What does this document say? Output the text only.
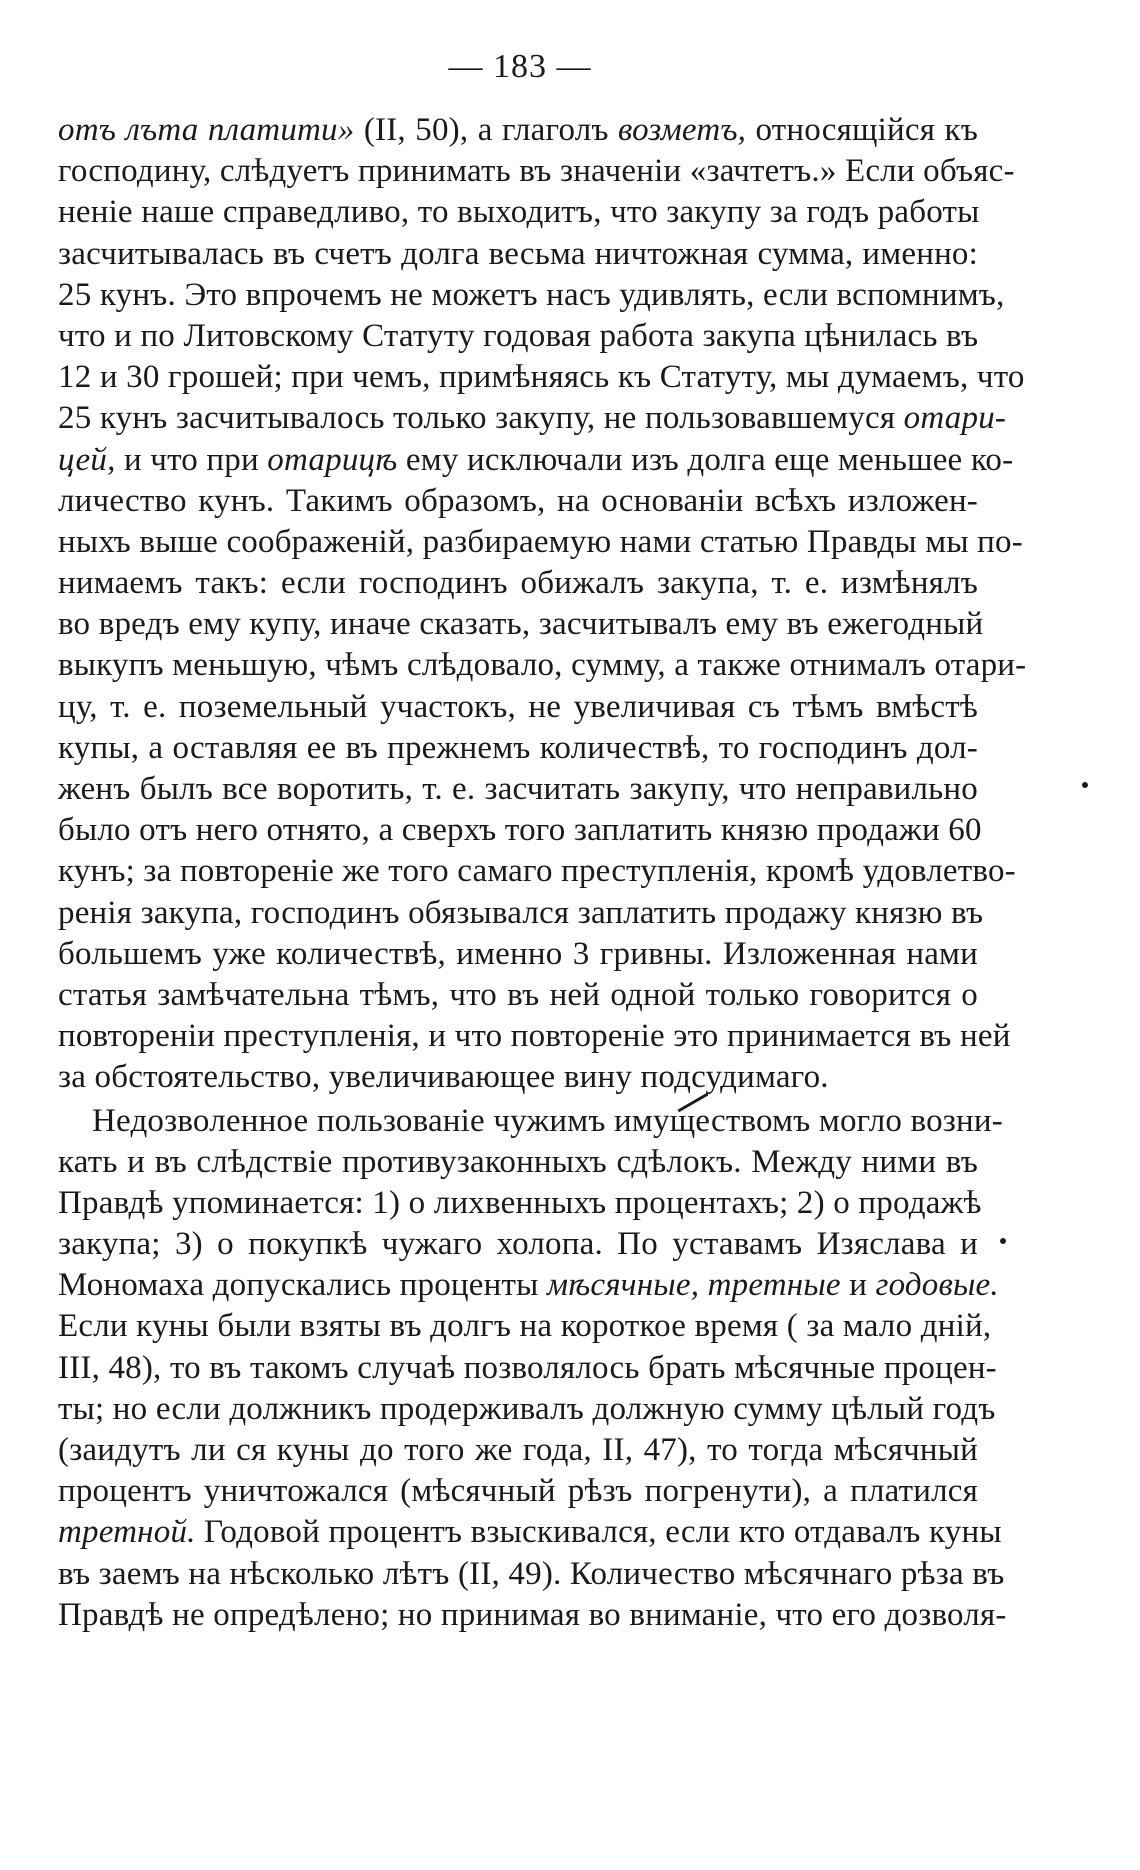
— 183 —
отъ лъта платити» (II, 50), а глаголъ возметъ, относящійся къ
господину, слѣдуетъ принимать въ значеніи «зачтетъ.» Если объяс-
неніе наше справедливо, то выходитъ, что закупу за годъ работы
засчитывалась въ счетъ долга весьма ничтожная сумма, именно:
25 кунъ. Это впрочемъ не можетъ насъ удивлять, если вспомнимъ,
что и по Литовскому Статуту годовая работа закупа цѣнилась въ
12 и 30 грошей; при чемъ, примѣняясь къ Статуту, мы думаемъ, что
25 кунъ засчитывалось только закупу, не пользовавшемуся отари-
цей, и что при отарицѣ ему исключали изъ долга еще меньшее ко-
личество кунъ. Такимъ образомъ, на основаніи всѣхъ изложен-
ныхъ выше соображеній, разбираемую нами статью Правды мы по-
нимаемъ такъ: если господинъ обижалъ закупа, т. е. измѣнялъ
во вредъ ему купу, иначе сказать, засчитывалъ ему въ ежегодный
выкупъ меньшую, чѣмъ слѣдовало, сумму, а также отнималъ отари-
цу, т. е. поземельный участокъ, не увеличивая съ тѣмъ вмѣстѣ
купы, а оставляя ее въ прежнемъ количествѣ, то господинъ дол-
женъ былъ все воротить, т. е. засчитать закупу, что неправильно
было отъ него отнято, а сверхъ того заплатить князю продажи 60
кунъ; за повтореніе же того самаго преступленія, кромѣ удовлетво-
ренія закупа, господинъ обязывался заплатить продажу князю въ
большемъ уже количествѣ, именно 3 гривны. Изложенная нами
статья замѣчательна тѣмъ, что въ ней одной только говорится о
повтореніи преступленія, и что повтореніе это принимается въ ней
за обстоятельство, увеличивающее вину подсудимаго.
Недозволенное пользованіе чужимъ имуществомъ могло возни-
кать и въ слѣдствіе противузаконныхъ сдѣлокъ. Между ними въ
Правдѣ упоминается: 1) о лихвенныхъ процентахъ; 2) о продажѣ
закупа; 3) о покупкѣ чужаго холопа. По уставамъ Изяслава и
Мономаха допускались проценты мѣсячные, третные и годовые.
Если куны были взяты въ долгъ на короткое время ( за мало дній,
III, 48), то въ такомъ случаѣ позволялось брать мѣсячные процен-
ты; но если должникъ продерживалъ должную сумму цѣлый годъ
(заидутъ ли ся куны до того же года, II, 47), то тогда мѣсячный
процентъ уничтожался (мѣсячный рѣзъ погренути), а платился
третной. Годовой процентъ взыскивался, если кто отдавалъ куны
въ заемъ на нѣсколько лѣтъ (II, 49). Количество мѣсячнаго рѣза въ
Правдѣ не опредѣлено; но принимая во вниманіе, что его дозволя-
